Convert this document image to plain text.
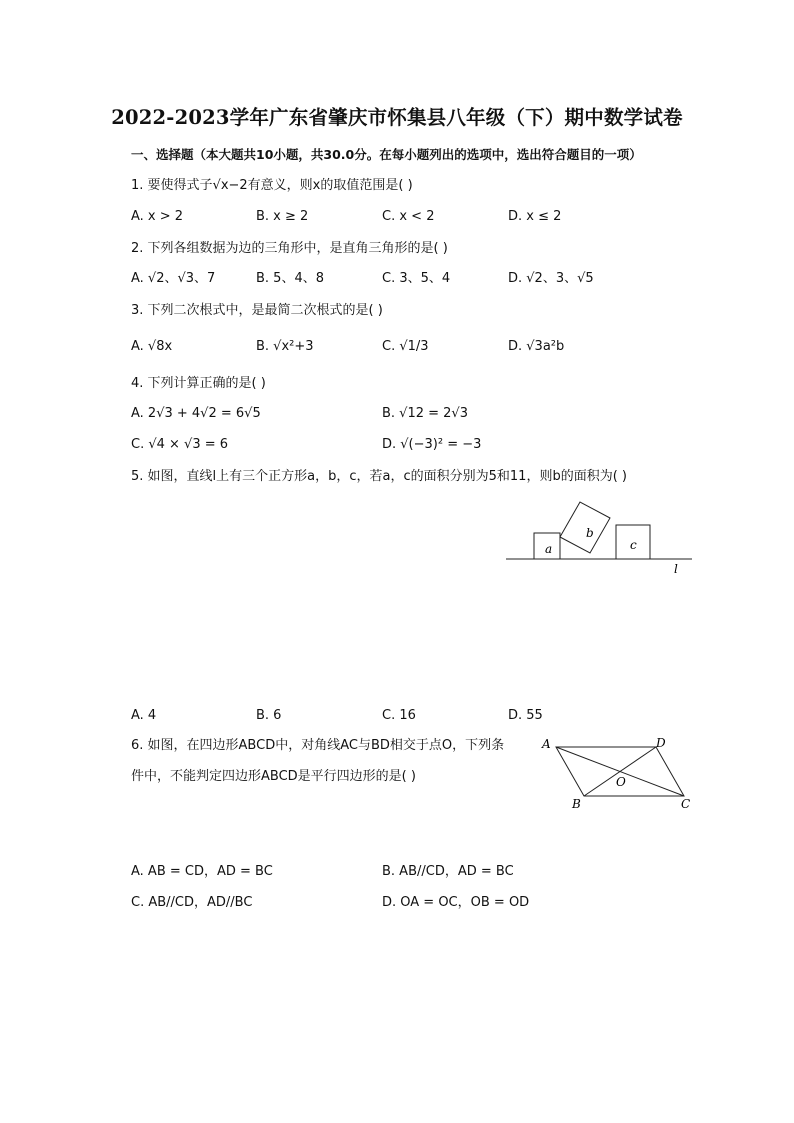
2022-2023学年广东省肇庆市怀集县八年级（下）期中数学试卷
一、选择题（本大题共10小题，共30.0分。在每小题列出的选项中，选出符合题目的一项）
1. 要使得式子√x−2有意义，则x的取值范围是( )
A. x > 2	B. x ≥ 2	C. x < 2	D. x ≤ 2
2. 下列各组数据为边的三角形中，是直角三角形的是( )
A. √2、√3、7	B. 5、4、8	C. 3、5、4	D. √2、3、√5
3. 下列二次根式中，是最简二次根式的是( )
A. √8x	B. √x²+3	C. √1/3	D. √3a²b
4. 下列计算正确的是( )
A. 2√3 + 4√2 = 6√5	B. √12 = 2√3
C. √4 × √3 = 6	D. √(−3)² = −3
5. 如图，直线l上有三个正方形a，b，c，若a，c的面积分别为5和11，则b的面积为( )
a
b
c
l
A. 4	B. 6	C. 16	D. 55
6. 如图，在四边形ABCD中，对角线AC与BD相交于点O，下列条
件中，不能判定四边形ABCD是平行四边形的是( )
A	D
O
B	C
A. AB = CD，AD = BC	B. AB//CD，AD = BC
C. AB//CD，AD//BC	D. OA = OC，OB = OD
